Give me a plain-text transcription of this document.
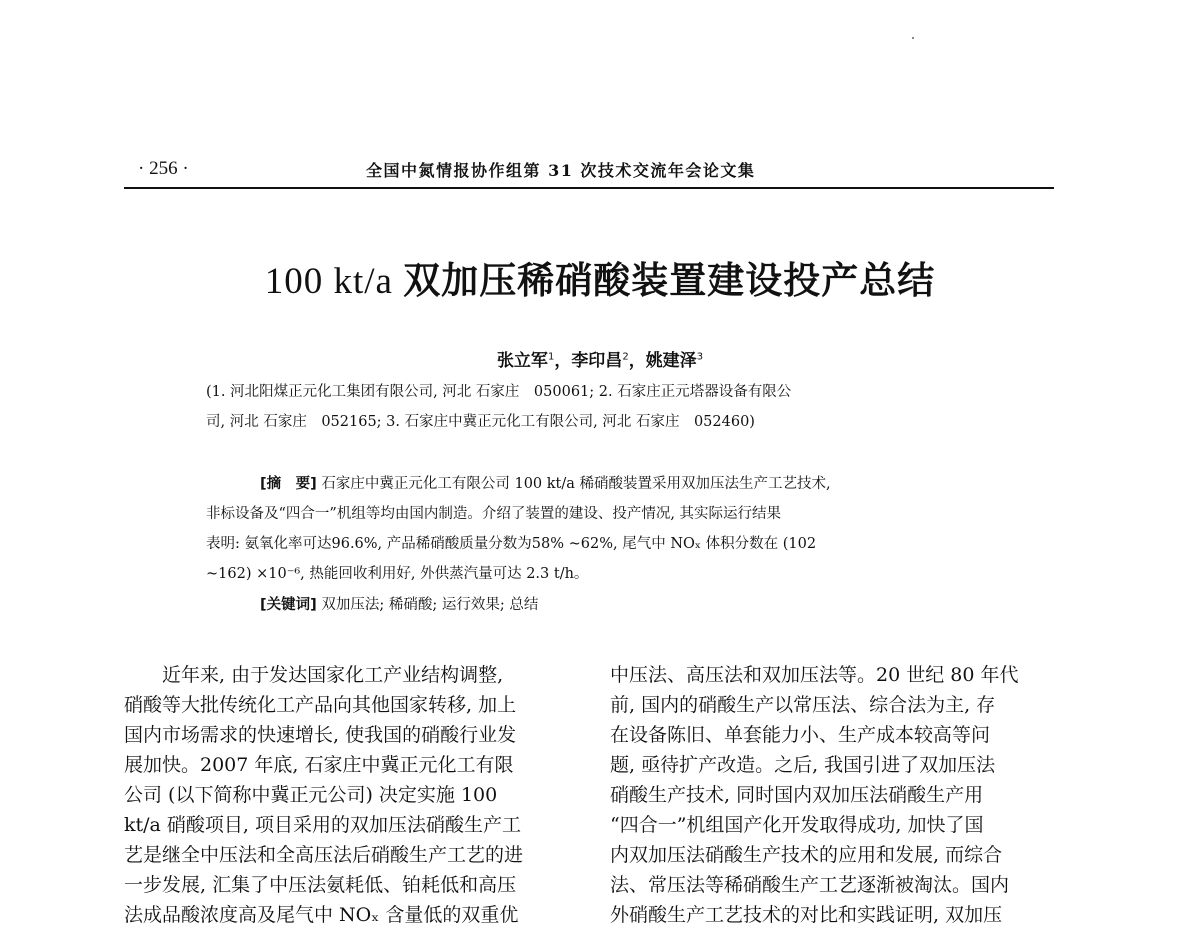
· 256 ·	全国中氮情报协作组第 31 次技术交流年会论文集
100 kt/a 双加压稀硝酸装置建设投产总结
张立军$^1$，李印昌$^2$，姚建泽$^3$
(1. 河北阳煤正元化工集团有限公司, 河北 石家庄　050061; 2. 石家庄正元塔器设备有限公
司, 河北 石家庄　052165; 3. 石家庄中冀正元化工有限公司, 河北 石家庄　052460)
[摘　要] 石家庄中冀正元化工有限公司 100 kt/a 稀硝酸装置采用双加压法生产工艺技术,
非标设备及“四合一”机组等均由国内制造。介绍了装置的建设、投产情况, 其实际运行结果
表明: 氨氧化率可达96.6%, 产品稀硝酸质量分数为58% ~62%, 尾气中 NOₓ 体积分数在 (102
~162) ×10⁻⁶, 热能回收利用好, 外供蒸汽量可达 2.3 t/h。
[关键词] 双加压法; 稀硝酸; 运行效果; 总结
近年来, 由于发达国家化工产业结构调整,
硝酸等大批传统化工产品向其他国家转移, 加上
国内市场需求的快速增长, 使我国的硝酸行业发
展加快。2007 年底, 石家庄中冀正元化工有限
公司 (以下简称中冀正元公司) 决定实施 100
kt/a 硝酸项目, 项目采用的双加压法硝酸生产工
艺是继全中压法和全高压法后硝酸生产工艺的进
一步发展, 汇集了中压法氨耗低、铂耗低和高压
法成品酸浓度高及尾气中 NOₓ 含量低的双重优
中压法、高压法和双加压法等。20 世纪 80 年代
前, 国内的硝酸生产以常压法、综合法为主, 存
在设备陈旧、单套能力小、生产成本较高等问
题, 亟待扩产改造。之后, 我国引进了双加压法
硝酸生产技术, 同时国内双加压法硝酸生产用
“四合一”机组国产化开发取得成功, 加快了国
内双加压法硝酸生产技术的应用和发展, 而综合
法、常压法等稀硝酸生产工艺逐渐被淘汰。国内
外硝酸生产工艺技术的对比和实践证明, 双加压
